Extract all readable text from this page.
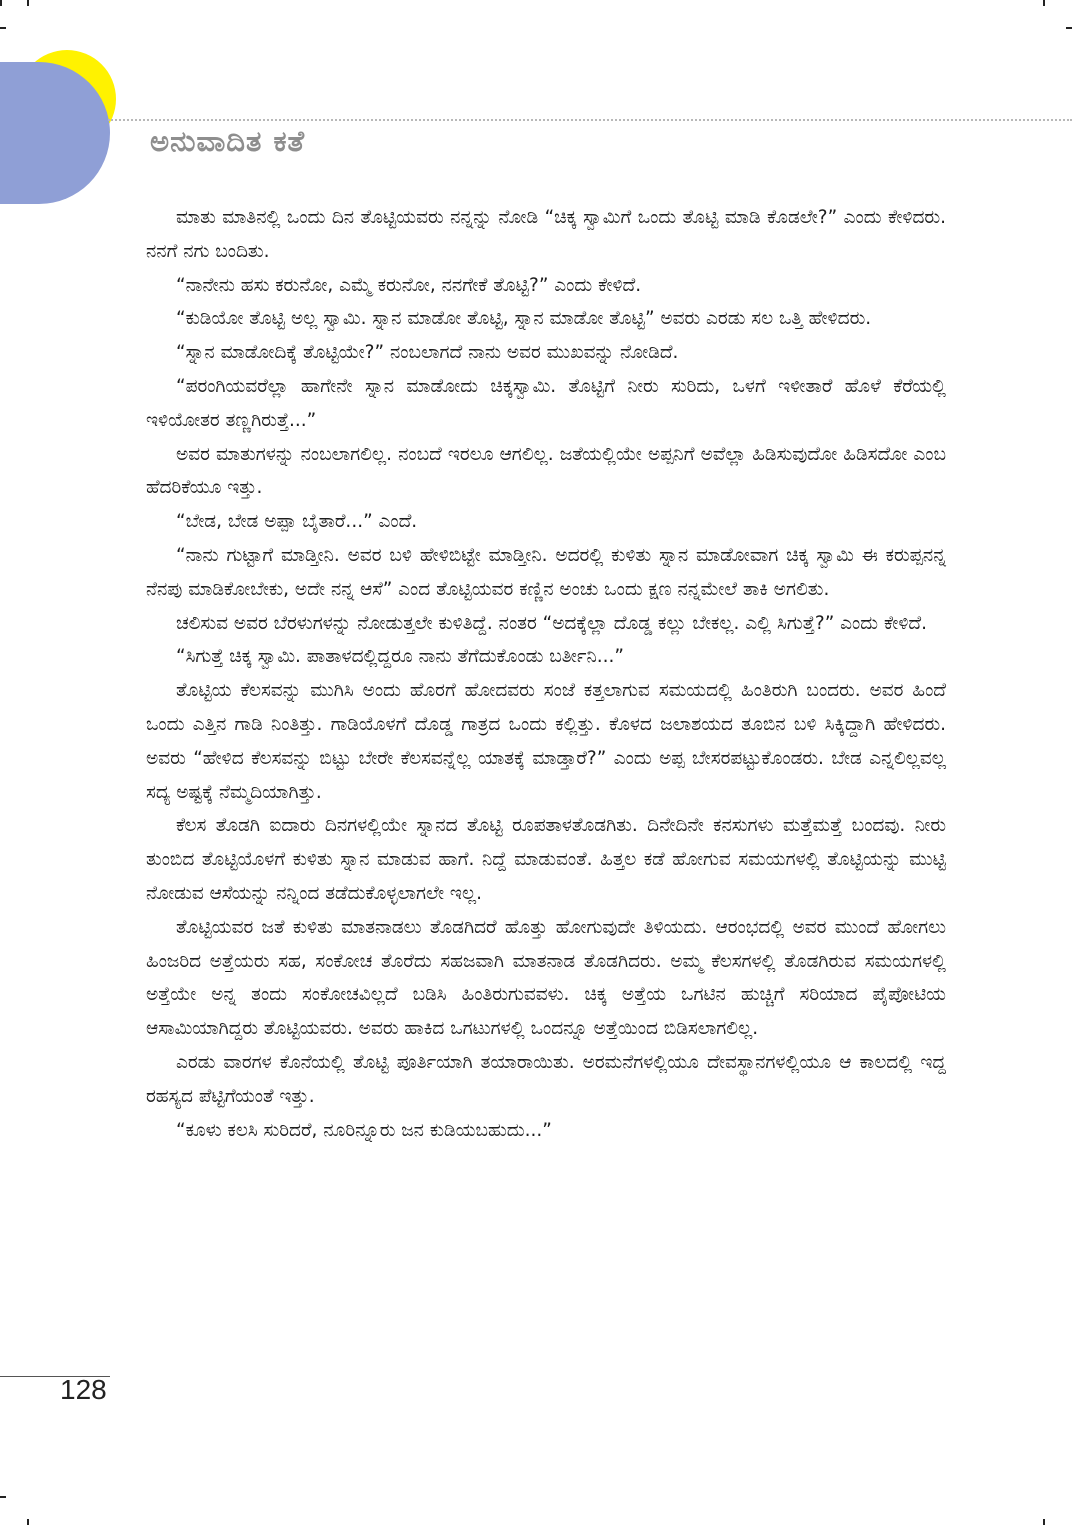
ಅನುವಾದಿತ ಕತೆ

ಮಾತು ಮಾತಿನಲ್ಲಿ ಒಂದು ದಿನ ತೊಟ್ಟಿಯವರು ನನ್ನನ್ನು ನೋಡಿ “ಚಿಕ್ಕ ಸ್ವಾಮಿಗೆ ಒಂದು ತೊಟ್ಟಿ ಮಾಡಿ ಕೊಡಲೇ?” ಎಂದು ಕೇಳಿದರು. ನನಗೆ ನಗು ಬಂದಿತು.

“ನಾನೇನು ಹಸು ಕರುನೋ, ಎಮ್ಮೆ ಕರುನೋ, ನನಗೇಕೆ ತೊಟ್ಟಿ?” ಎಂದು ಕೇಳಿದೆ.

“ಕುಡಿಯೋ ತೊಟ್ಟಿ ಅಲ್ಲ ಸ್ವಾಮಿ. ಸ್ನಾನ ಮಾಡೋ ತೊಟ್ಟಿ, ಸ್ನಾನ ಮಾಡೋ ತೊಟ್ಟಿ” ಅವರು ಎರಡು ಸಲ ಒತ್ತಿ ಹೇಳಿದರು.

“ಸ್ನಾನ ಮಾಡೋದಿಕ್ಕೆ ತೊಟ್ಟಿಯೇ?” ನಂಬಲಾಗದೆ ನಾನು ಅವರ ಮುಖವನ್ನು ನೋಡಿದೆ.

“ಪರಂಗಿಯವರೆಲ್ಲಾ ಹಾಗೇನೇ ಸ್ನಾನ ಮಾಡೋದು ಚಿಕ್ಕಸ್ವಾಮಿ. ತೊಟ್ಟಿಗೆ ನೀರು ಸುರಿದು, ಒಳಗೆ ಇಳೀತಾರೆ ಹೊಳೆ ಕೆರೆಯಲ್ಲಿ ಇಳಿಯೋತರ ತಣ್ಣಗಿರುತ್ತೆ...”

ಅವರ ಮಾತುಗಳನ್ನು ನಂಬಲಾಗಲಿಲ್ಲ. ನಂಬದೆ ಇರಲೂ ಆಗಲಿಲ್ಲ. ಜತೆಯಲ್ಲಿಯೇ ಅಪ್ಪನಿಗೆ ಅವೆಲ್ಲಾ ಹಿಡಿಸುವುದೋ ಹಿಡಿಸದೋ ಎಂಬ ಹೆದರಿಕೆಯೂ ಇತ್ತು.

“ಬೇಡ, ಬೇಡ ಅಪ್ಪಾ ಬೈತಾರೆ...” ಎಂದೆ.

“ನಾನು ಗುಟ್ಟಾಗೆ ಮಾಡ್ತೀನಿ. ಅವರ ಬಳಿ ಹೇಳಿಬಿಟ್ಟೇ ಮಾಡ್ತೀನಿ. ಅದರಲ್ಲಿ ಕುಳಿತು ಸ್ನಾನ ಮಾಡೋವಾಗ ಚಿಕ್ಕ ಸ್ವಾಮಿ ಈ ಕರುಪ್ಪನನ್ನ ನೆನಪು ಮಾಡಿಕೋಬೇಕು, ಅದೇ ನನ್ನ ಆಸೆ” ಎಂದ ತೊಟ್ಟಿಯವರ ಕಣ್ಣಿನ ಅಂಚು ಒಂದು ಕ್ಷಣ ನನ್ನಮೇಲೆ ತಾಕಿ ಅಗಲಿತು.

ಚಲಿಸುವ ಅವರ ಬೆರಳುಗಳನ್ನು ನೋಡುತ್ತಲೇ ಕುಳಿತಿದ್ದೆ. ನಂತರ “ಅದಕ್ಕೆಲ್ಲಾ ದೊಡ್ಡ ಕಲ್ಲು ಬೇಕಲ್ಲ. ಎಲ್ಲಿ ಸಿಗುತ್ತೆ?” ಎಂದು ಕೇಳಿದೆ.

“ಸಿಗುತ್ತೆ ಚಿಕ್ಕ ಸ್ವಾಮಿ. ಪಾತಾಳದಲ್ಲಿದ್ದರೂ ನಾನು ತೆಗೆದುಕೊಂಡು ಬರ್ತೀನಿ...”

ತೊಟ್ಟಿಯ ಕೆಲಸವನ್ನು ಮುಗಿಸಿ ಅಂದು ಹೊರಗೆ ಹೋದವರು ಸಂಜೆ ಕತ್ತಲಾಗುವ ಸಮಯದಲ್ಲಿ ಹಿಂತಿರುಗಿ ಬಂದರು. ಅವರ ಹಿಂದೆ ಒಂದು ಎತ್ತಿನ ಗಾಡಿ ನಿಂತಿತ್ತು. ಗಾಡಿಯೊಳಗೆ ದೊಡ್ಡ ಗಾತ್ರದ ಒಂದು ಕಲ್ಲಿತ್ತು. ಕೊಳದ ಜಲಾಶಯದ ತೂಬಿನ ಬಳಿ ಸಿಕ್ಕಿದ್ದಾಗಿ ಹೇಳಿದರು. ಅವರು “ಹೇಳಿದ ಕೆಲಸವನ್ನು ಬಿಟ್ಟು ಬೇರೇ ಕೆಲಸವನ್ನೆಲ್ಲ ಯಾತಕ್ಕೆ ಮಾಡ್ತಾರೆ?” ಎಂದು ಅಪ್ಪ ಬೇಸರಪಟ್ಟುಕೊಂಡರು. ಬೇಡ ಎನ್ನಲಿಲ್ಲವಲ್ಲ ಸದ್ಯ ಅಷ್ಟಕ್ಕೆ ನೆಮ್ಮದಿಯಾಗಿತ್ತು.

ಕೆಲಸ ತೊಡಗಿ ಐದಾರು ದಿನಗಳಲ್ಲಿಯೇ ಸ್ನಾನದ ತೊಟ್ಟಿ ರೂಪತಾಳತೊಡಗಿತು. ದಿನೇದಿನೇ ಕನಸುಗಳು ಮತ್ತೆಮತ್ತೆ ಬಂದವು. ನೀರು ತುಂಬಿದ ತೊಟ್ಟಿಯೊಳಗೆ ಕುಳಿತು ಸ್ನಾನ ಮಾಡುವ ಹಾಗೆ. ನಿದ್ದೆ ಮಾಡುವಂತೆ. ಹಿತ್ತಲ ಕಡೆ ಹೋಗುವ ಸಮಯಗಳಲ್ಲಿ ತೊಟ್ಟಿಯನ್ನು ಮುಟ್ಟಿ ನೋಡುವ ಆಸೆಯನ್ನು ನನ್ನಿಂದ ತಡೆದುಕೊಳ್ಳಲಾಗಲೇ ಇಲ್ಲ.

ತೊಟ್ಟಿಯವರ ಜತೆ ಕುಳಿತು ಮಾತನಾಡಲು ತೊಡಗಿದರೆ ಹೊತ್ತು ಹೋಗುವುದೇ ತಿಳಿಯದು. ಆರಂಭದಲ್ಲಿ ಅವರ ಮುಂದೆ ಹೋಗಲು ಹಿಂಜರಿದ ಅತ್ತೆಯರು ಸಹ, ಸಂಕೋಚ ತೊರೆದು ಸಹಜವಾಗಿ ಮಾತನಾಡ ತೊಡಗಿದರು. ಅಮ್ಮ ಕೆಲಸಗಳಲ್ಲಿ ತೊಡಗಿರುವ ಸಮಯಗಳಲ್ಲಿ ಅತ್ತೆಯೇ ಅನ್ನ ತಂದು ಸಂಕೋಚವಿಲ್ಲದೆ ಬಡಿಸಿ ಹಿಂತಿರುಗುವವಳು. ಚಿಕ್ಕ ಅತ್ತೆಯ ಒಗಟಿನ ಹುಚ್ಚಿಗೆ ಸರಿಯಾದ ಪೈಪೋಟಿಯ ಆಸಾಮಿಯಾಗಿದ್ದರು ತೊಟ್ಟಿಯವರು. ಅವರು ಹಾಕಿದ ಒಗಟುಗಳಲ್ಲಿ ಒಂದನ್ನೂ ಅತ್ತೆಯಿಂದ ಬಿಡಿಸಲಾಗಲಿಲ್ಲ.

ಎರಡು ವಾರಗಳ ಕೊನೆಯಲ್ಲಿ ತೊಟ್ಟಿ ಪೂರ್ತಿಯಾಗಿ ತಯಾರಾಯಿತು. ಅರಮನೆಗಳಲ್ಲಿಯೂ ದೇವಸ್ಥಾನಗಳಲ್ಲಿಯೂ ಆ ಕಾಲದಲ್ಲಿ ಇದ್ದ ರಹಸ್ಯದ ಪೆಟ್ಟಿಗೆಯಂತೆ ಇತ್ತು.

“ಕೂಳು ಕಲಸಿ ಸುರಿದರೆ, ನೂರಿನ್ನೂರು ಜನ ಕುಡಿಯಬಹುದು...”

128
